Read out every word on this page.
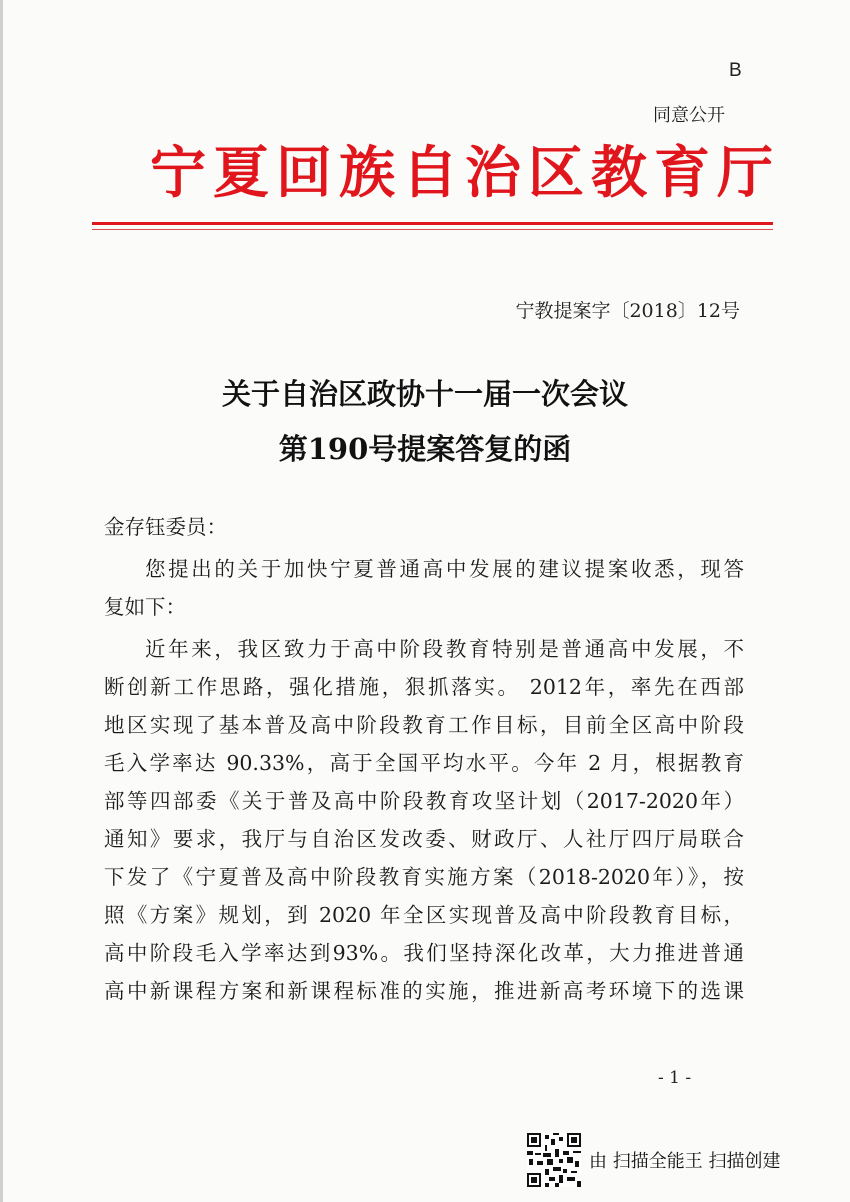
B
同意公开
宁夏回族自治区教育厅
宁教提案字〔2018〕12号
关于自治区政协十一届一次会议
第190号提案答复的函
金存钰委员：
您提出的关于加快宁夏普通高中发展的建议提案收悉，现答
复如下：
近年来，我区致力于高中阶段教育特别是普通高中发展，不
断创新工作思路，强化措施，狠抓落实。 2012年，率先在西部
地区实现了基本普及高中阶段教育工作目标，目前全区高中阶段
毛入学率达 90.33%，高于全国平均水平。今年 2 月，根据教育
部等四部委《关于普及高中阶段教育攻坚计划（2017-2020年）
通知》要求，我厅与自治区发改委、财政厅、人社厅四厅局联合
下发了《宁夏普及高中阶段教育实施方案（2018-2020年）》，按
照《方案》规划，到 2020 年全区实现普及高中阶段教育目标，
高中阶段毛入学率达到93%。我们坚持深化改革，大力推进普通
高中新课程方案和新课程标准的实施，推进新高考环境下的选课
- 1 -
由 扫描全能王 扫描创建
